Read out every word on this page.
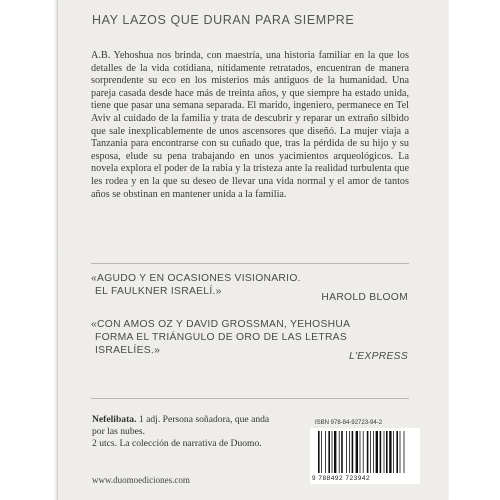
HAY LAZOS QUE DURAN PARA SIEMPRE
A.B. Yehoshua nos brinda, con maestría, una historia familiar en la que los detalles de la vida cotidiana, nítidamente retratados, encuentran de manera sorprendente su eco en los misterios más antiguos de la humanidad. Una pareja casada desde hace más de treinta años, y que siempre ha estado unida, tiene que pasar una semana separada. El marido, ingeniero, permanece en Tel Aviv al cuidado de la familia y trata de descubrir y reparar un extraño silbido que sale inexplicablemente de unos ascensores que diseñó. La mujer viaja a Tanzania para encontrarse con su cuñado que, tras la pérdida de su hijo y su esposa, elude su pena trabajando en unos yacimientos arqueológicos. La novela explora el poder de la rabia y la tristeza ante la realidad turbulenta que les rodea y en la que su deseo de llevar una vida normal y el amor de tantos años se obstinan en mantener unida a la familia.
«AGUDO Y EN OCASIONES VISIONARIO.
EL FAULKNER ISRAELÍ.»
HAROLD BLOOM
«CON AMOS OZ Y DAVID GROSSMAN, YEHOSHUA
FORMA EL TRIÁNGULO DE ORO DE LAS LETRAS
ISRAELÍES.»
L'EXPRESS
Nefelibata. 1 adj. Persona soñadora, que anda por las nubes.
2 utcs. La colección de narrativa de Duomo.
www.duomoediciones.com
ISBN 978-84-92723-94-2
9 788492 723942
